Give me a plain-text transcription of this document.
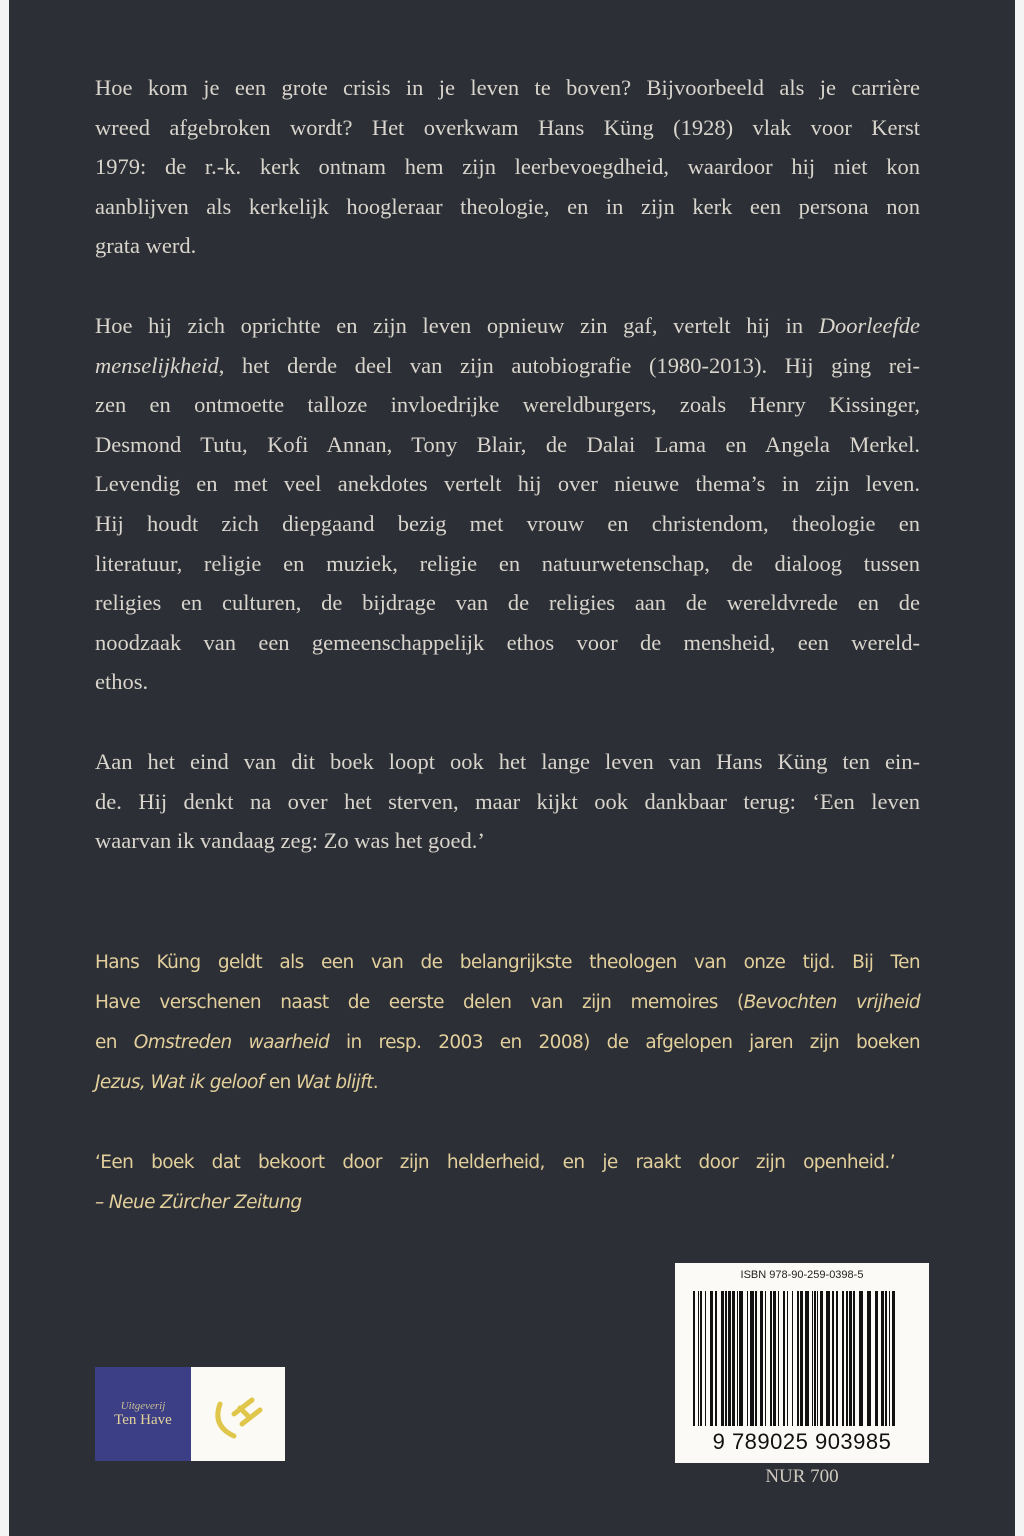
Hoe kom je een grote crisis in je leven te boven? Bijvoorbeeld als je carrière
wreed afgebroken wordt? Het overkwam Hans Küng (1928) vlak voor Kerst
1979: de r.-k. kerk ontnam hem zijn leerbevoegdheid, waardoor hij niet kon
aanblijven als kerkelijk hoogleraar theologie, en in zijn kerk een persona non
grata werd.
Hoe hij zich oprichtte en zijn leven opnieuw zin gaf, vertelt hij in Doorleefde
menselijkheid, het derde deel van zijn autobiografie (1980-2013). Hij ging rei-
zen en ontmoette talloze invloedrijke wereldburgers, zoals Henry Kissinger,
Desmond Tutu, Kofi Annan, Tony Blair, de Dalai Lama en Angela Merkel.
Levendig en met veel anekdotes vertelt hij over nieuwe thema’s in zijn leven.
Hij houdt zich diepgaand bezig met vrouw en christendom, theologie en
literatuur, religie en muziek, religie en natuurwetenschap, de dialoog tussen
religies en culturen, de bijdrage van de religies aan de wereldvrede en de
noodzaak van een gemeenschappelijk ethos voor de mensheid, een wereld-
ethos.
Aan het eind van dit boek loopt ook het lange leven van Hans Küng ten ein-
de. Hij denkt na over het sterven, maar kijkt ook dankbaar terug: ‘Een leven
waarvan ik vandaag zeg: Zo was het goed.’
Hans Küng geldt als een van de belangrijkste theologen van onze tijd. Bij Ten
Have verschenen naast de eerste delen van zijn memoires (Bevochten vrijheid
en Omstreden waarheid in resp. 2003 en 2008) de afgelopen jaren zijn boeken
Jezus, Wat ik geloof en Wat blijft.
‘Een boek dat bekoort door zijn helderheid, en je raakt door zijn openheid.’
– Neue Zürcher Zeitung
Uitgeverij
Ten Have
ISBN 978-90-259-0398-5
9 789025 903985
NUR 700
